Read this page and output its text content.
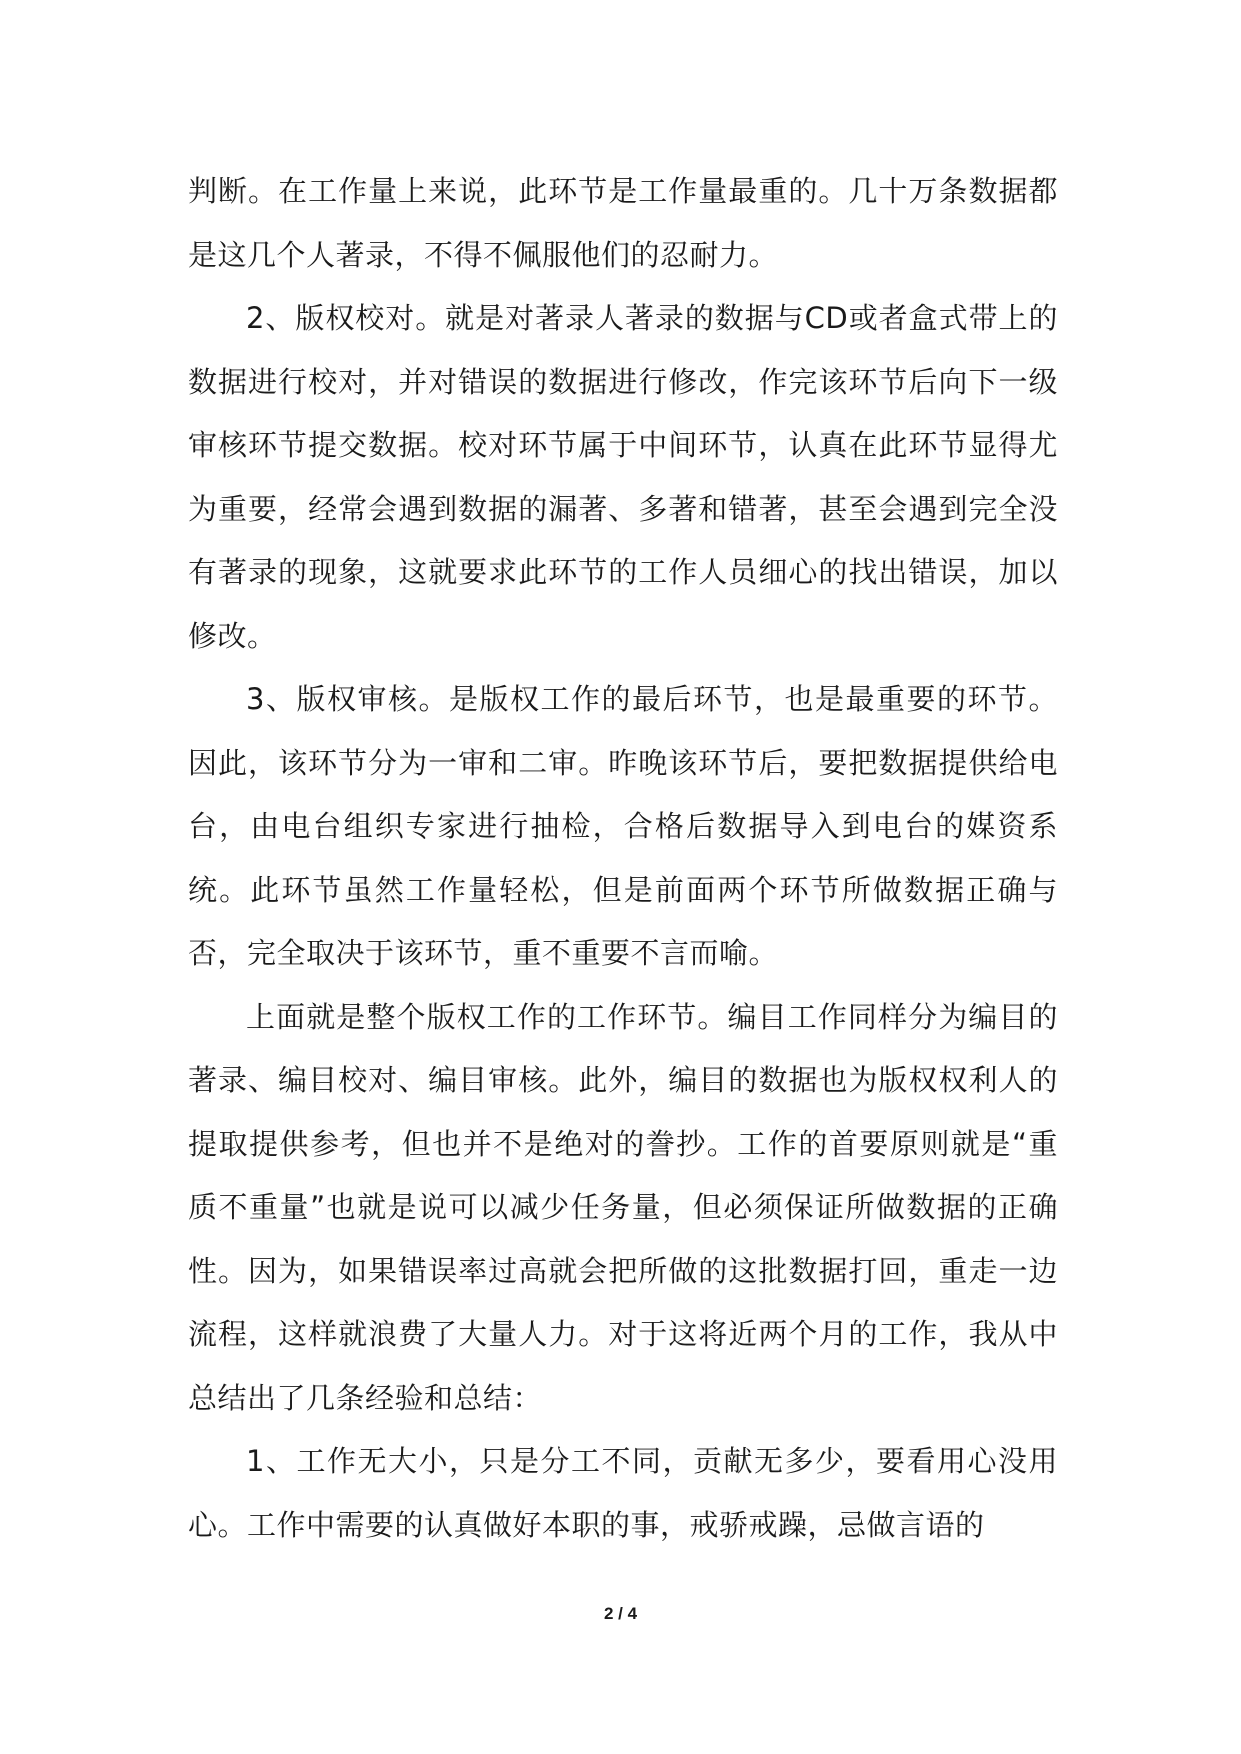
判断。在工作量上来说，此环节是工作量最重的。几十万条数据都是这几个人著录，不得不佩服他们的忍耐力。

2、版权校对。就是对著录人著录的数据与CD或者盒式带上的数据进行校对，并对错误的数据进行修改，作完该环节后向下一级审核环节提交数据。校对环节属于中间环节，认真在此环节显得尤为重要，经常会遇到数据的漏著、多著和错著，甚至会遇到完全没有著录的现象，这就要求此环节的工作人员细心的找出错误，加以修改。

3、版权审核。是版权工作的最后环节，也是最重要的环节。因此，该环节分为一审和二审。昨晚该环节后，要把数据提供给电台，由电台组织专家进行抽检，合格后数据导入到电台的媒资系统。此环节虽然工作量轻松，但是前面两个环节所做数据正确与否，完全取决于该环节，重不重要不言而喻。

上面就是整个版权工作的工作环节。编目工作同样分为编目的著录、编目校对、编目审核。此外，编目的数据也为版权权利人的提取提供参考，但也并不是绝对的誊抄。工作的首要原则就是“重质不重量”也就是说可以减少任务量，但必须保证所做数据的正确性。因为，如果错误率过高就会把所做的这批数据打回，重走一边流程，这样就浪费了大量人力。对于这将近两个月的工作，我从中总结出了几条经验和总结：

1、工作无大小，只是分工不同，贡献无多少，要看用心没用心。工作中需要的认真做好本职的事，戒骄戒躁，忌做言语的

2 / 4
